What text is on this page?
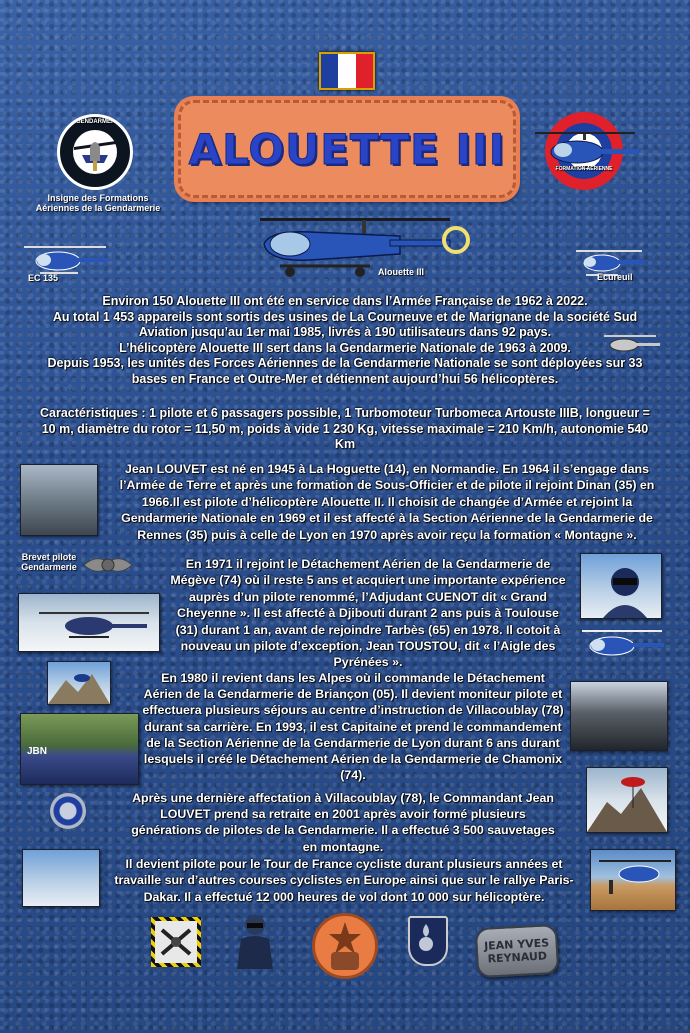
ALOUETTE III
GENDARMERIE
Insigne des Formations
Aériennes de la Gendarmerie
FORMATION AÉRIENNE
EC 135
Alouette III	Ecureuil
Environ 150 Alouette III ont été en service dans l’Armée Française de 1962 à 2022.
Au total 1 453 appareils sont sortis des usines de La Courneuve et de Marignane de la société Sud Aviation jusqu’au 1er mai 1985, livrés à 190 utilisateurs dans 92 pays.
L’hélicoptère Alouette III sert dans la Gendarmerie Nationale de 1963 à 2009.
Depuis 1953, les unités des Forces Aériennes de la Gendarmerie Nationale se sont déployées sur 33 bases en France et Outre-Mer et détiennent aujourd’hui 56 hélicoptères.
Caractéristiques : 1 pilote et 6 passagers possible, 1 Turbomoteur Turbomeca Artouste IIIB, longueur = 10 m, diamètre du rotor = 11,50 m, poids à vide 1 230 Kg, vitesse maximale = 210 Km/h, autonomie 540 Km
Jean LOUVET est né en 1945 à La Hoguette (14), en Normandie. En 1964 il s’engage dans l’Armée de Terre et après une formation de Sous-Officier et de pilote il rejoint Dinan (35) en 1966.Il est pilote d’hélicoptère Alouette II. Il choisit de changée d’Armée et rejoint la Gendarmerie Nationale en 1969 et il est affecté à la Section Aérienne de la Gendarmerie de Rennes (35) puis à celle de Lyon en 1970 après avoir reçu la formation « Montagne ».
Brevet pilote
Gendarmerie	En 1971 il rejoint le Détachement Aérien de la Gendarmerie de Mégève (74) où il reste 5 ans et acquiert une importante expérience auprès d’un pilote renommé, l’Adjudant CUENOT dit « Grand Cheyenne ». Il est affecté à Djibouti durant 2 ans puis à Toulouse (31) durant 1 an, avant de rejoindre Tarbès (65) en 1978. Il cotoit à nouveau un pilote d’exception, Jean TOUSTOU, dit « l’Aigle des Pyrénées ».
JBN
En 1980 il revient dans les Alpes où il commande le Détachement Aérien de la Gendarmerie de Briançon (05). Il devient moniteur pilote et effectuera plusieurs séjours au centre d’instruction de Villacoublay (78) durant sa carrière. En 1993, il est Capitaine et prend le commandement de la Section Aérienne de la Gendarmerie de Lyon durant 6 ans durant lesquels il créé le Détachement Aérien de la Gendarmerie de Chamonix (74).
Après une dernière affectation à Villacoublay (78), le Commandant Jean LOUVET prend sa retraite en 2001 après avoir formé plusieurs générations de pilotes de la Gendarmerie. Il a effectué 3 500 sauvetages en montagne.
Il devient pilote pour le Tour de France cycliste durant plusieurs années et travaille sur d’autres courses cyclistes en Europe ainsi que sur le rallye Paris-Dakar. Il a effectué 12 000 heures de vol dont 10 000 sur hélicoptère.
JEAN YVES
REYNAUD
